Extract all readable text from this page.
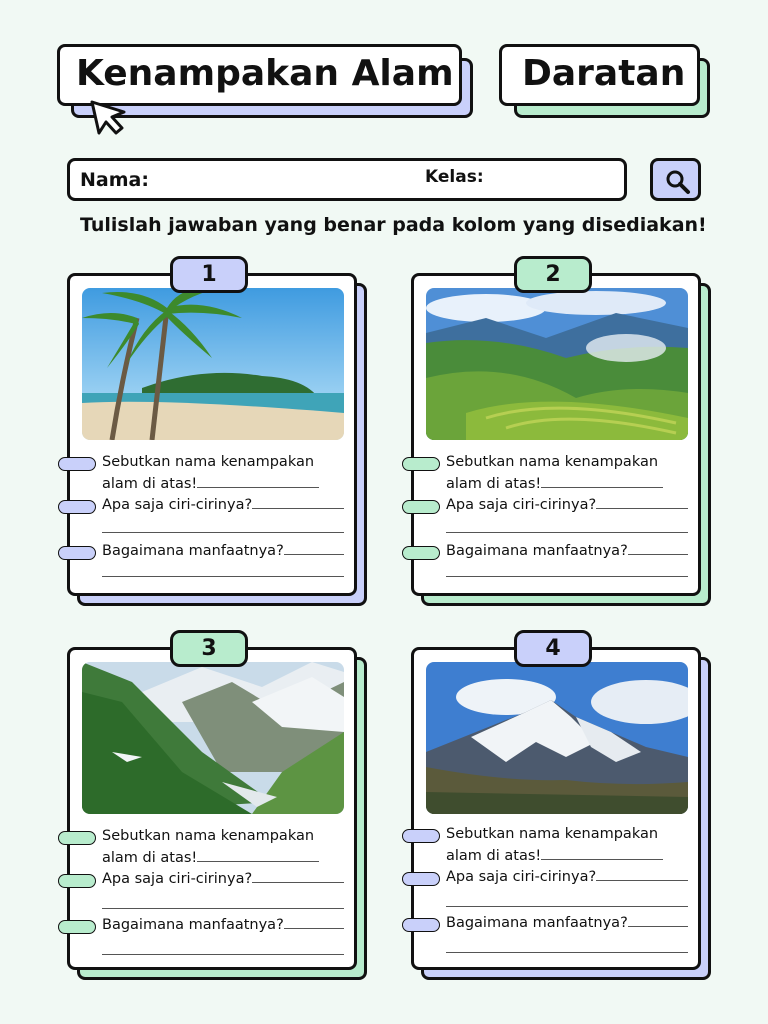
Kenampakan Alam Daratan
Nama:	Kelas:
Tulislah jawaban yang benar pada kolom yang disediakan!
Sebutkan nama kenampakan
alam di atas!
Apa saja ciri-cirinya?
Bagaimana manfaatnya?
1
Sebutkan nama kenampakan
alam di atas!
Apa saja ciri-cirinya?
Bagaimana manfaatnya?
2
Sebutkan nama kenampakan
alam di atas!
Apa saja ciri-cirinya?
Bagaimana manfaatnya?
3
Sebutkan nama kenampakan
alam di atas!
Apa saja ciri-cirinya?
Bagaimana manfaatnya?
4
